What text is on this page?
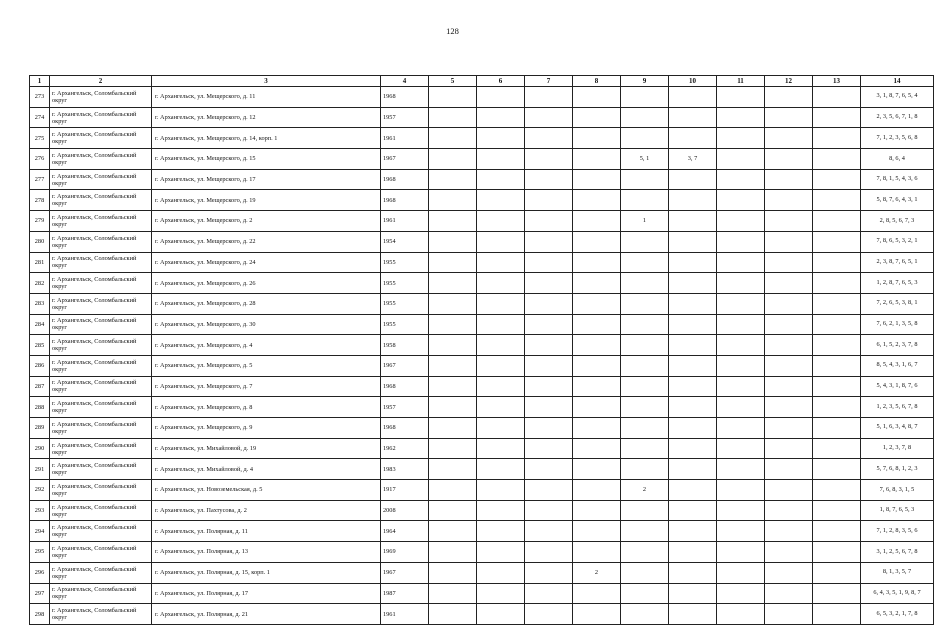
128
1	2	3	4	5	6	7	8	9	10	11	12	13	14
273	г. Архангельск, Соломбальский округ	г. Архангельск, ул. Мещерского, д. 11	1968										3, 1, 8, 7, 6, 5, 4
274	г. Архангельск, Соломбальский округ	г. Архангельск, ул. Мещерского, д. 12	1957										2, 3, 5, 6, 7, 1, 8
275	г. Архангельск, Соломбальский округ	г. Архангельск, ул. Мещерского, д. 14, корп. 1	1961										7, 1, 2, 3, 5, 6, 8
276	г. Архангельск, Соломбальский округ	г. Архангельск, ул. Мещерского, д. 15	1967					5, 1	3, 7				8, 6, 4
277	г. Архангельск, Соломбальский округ	г. Архангельск, ул. Мещерского, д. 17	1968										7, 8, 1, 5, 4, 3, 6
278	г. Архангельск, Соломбальский округ	г. Архангельск, ул. Мещерского, д. 19	1968										5, 8, 7, 6, 4, 3, 1
279	г. Архангельск, Соломбальский округ	г. Архангельск, ул. Мещерского, д. 2	1961					1					2, 8, 5, 6, 7, 3
280	г. Архангельск, Соломбальский округ	г. Архангельск, ул. Мещерского, д. 22	1954										7, 8, 6, 5, 3, 2, 1
281	г. Архангельск, Соломбальский округ	г. Архангельск, ул. Мещерского, д. 24	1955										2, 3, 8, 7, 6, 5, 1
282	г. Архангельск, Соломбальский округ	г. Архангельск, ул. Мещерского, д. 26	1955										1, 2, 8, 7, 6, 5, 3
283	г. Архангельск, Соломбальский округ	г. Архангельск, ул. Мещерского, д. 28	1955										7, 2, 6, 5, 3, 8, 1
284	г. Архангельск, Соломбальский округ	г. Архангельск, ул. Мещерского, д. 30	1955										7, 6, 2, 1, 3, 5, 8
285	г. Архангельск, Соломбальский округ	г. Архангельск, ул. Мещерского, д. 4	1958										6, 1, 5, 2, 3, 7, 8
286	г. Архангельск, Соломбальский округ	г. Архангельск, ул. Мещерского, д. 5	1967										8, 5, 4, 3, 1, 6, 7
287	г. Архангельск, Соломбальский округ	г. Архангельск, ул. Мещерского, д. 7	1968										5, 4, 3, 1, 8, 7, 6
288	г. Архангельск, Соломбальский округ	г. Архангельск, ул. Мещерского, д. 8	1957										1, 2, 3, 5, 6, 7, 8
289	г. Архангельск, Соломбальский округ	г. Архангельск, ул. Мещерского, д. 9	1968										5, 1, 6, 3, 4, 8, 7
290	г. Архангельск, Соломбальский округ	г. Архангельск, ул. Михайловой, д. 19	1962										1, 2, 3, 7, 8
291	г. Архангельск, Соломбальский округ	г. Архангельск, ул. Михайловой, д. 4	1983										5, 7, 6, 8, 1, 2, 3
292	г. Архангельск, Соломбальский округ	г. Архангельск, ул. Новоземельская, д. 5	1917					2					7, 6, 8, 3, 1, 5
293	г. Архангельск, Соломбальский округ	г. Архангельск, ул. Пахтусова, д. 2	2008										1, 8, 7, 6, 5, 3
294	г. Архангельск, Соломбальский округ	г. Архангельск, ул. Полярная, д. 11	1964										7, 1, 2, 8, 3, 5, 6
295	г. Архангельск, Соломбальский округ	г. Архангельск, ул. Полярная, д. 13	1969										3, 1, 2, 5, 6, 7, 8
296	г. Архангельск, Соломбальский округ	г. Архангельск, ул. Полярная, д. 15, корп. 1	1967				2						8, 1, 3, 5, 7
297	г. Архангельск, Соломбальский округ	г. Архангельск, ул. Полярная, д. 17	1987										6, 4, 3, 5, 1, 9, 8, 7
298	г. Архангельск, Соломбальский округ	г. Архангельск, ул. Полярная, д. 21	1961										6, 5, 3, 2, 1, 7, 8
